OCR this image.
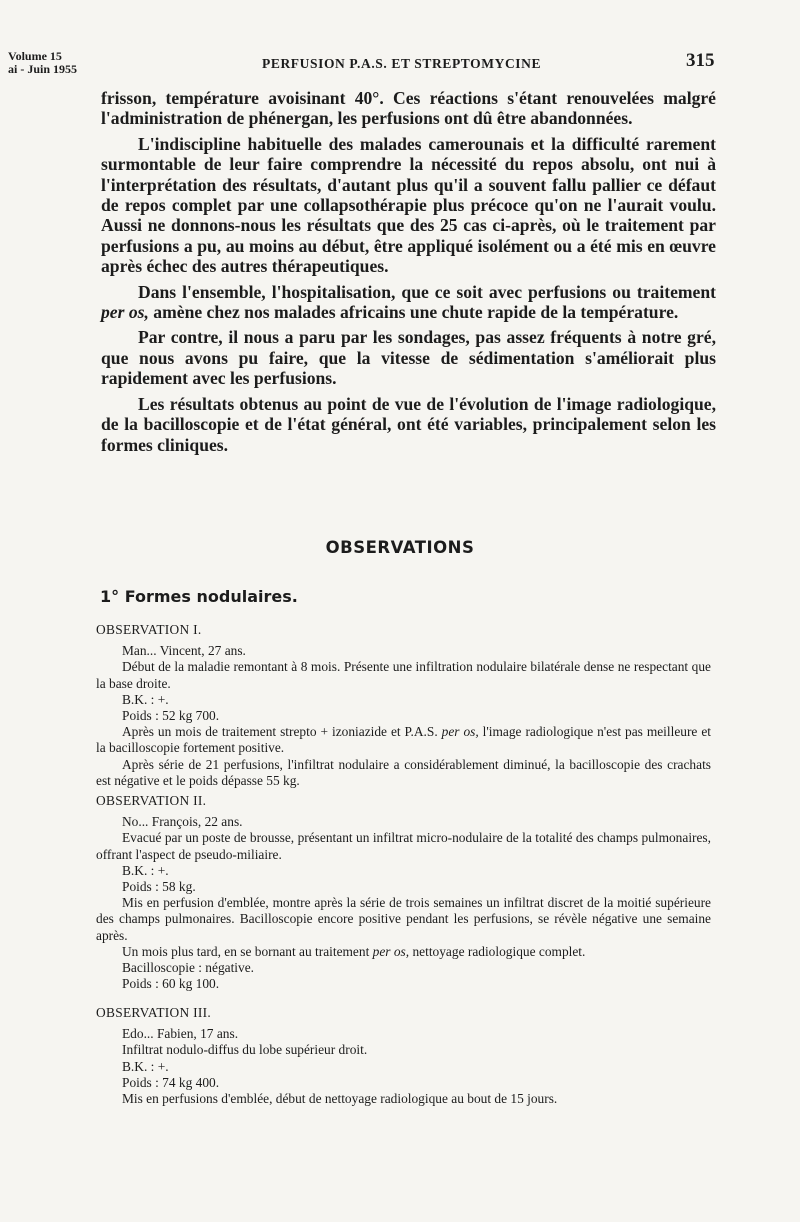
Volume 15
ai - Juin 1955	PERFUSION P.A.S. ET STREPTOMYCINE	315

frisson, température avoisinant 40°. Ces réactions s'étant renouvelées malgré l'administration de phénergan, les perfusions ont dû être abandonnées.

L'indiscipline habituelle des malades camerounais et la difficulté rarement surmontable de leur faire comprendre la nécessité du repos absolu, ont nui à l'interprétation des résultats, d'autant plus qu'il a souvent fallu pallier ce défaut de repos complet par une collapsothérapie plus précoce qu'on ne l'aurait voulu. Aussi ne donnons-nous les résultats que des 25 cas ci-après, où le traitement par perfusions a pu, au moins au début, être appliqué isolément ou a été mis en œuvre après échec des autres thérapeutiques.

Dans l'ensemble, l'hospitalisation, que ce soit avec perfusions ou traitement per os, amène chez nos malades africains une chute rapide de la température.

Par contre, il nous a paru par les sondages, pas assez fréquents à notre gré, que nous avons pu faire, que la vitesse de sédimentation s'améliorait plus rapidement avec les perfusions.

Les résultats obtenus au point de vue de l'évolution de l'image radiologique, de la bacilloscopie et de l'état général, ont été variables, principalement selon les formes cliniques.

OBSERVATIONS
1° Formes nodulaires.
OBSERVATION I.

Man... Vincent, 27 ans.

Début de la maladie remontant à 8 mois. Présente une infiltration nodulaire bilatérale dense ne respectant que la base droite.

B.K. : +.

Poids : 52 kg 700.

Après un mois de traitement strepto + izoniazide et P.A.S. per os, l'image radiologique n'est pas meilleure et la bacilloscopie fortement positive.

Après série de 21 perfusions, l'infiltrat nodulaire a considérablement diminué, la bacilloscopie des crachats est négative et le poids dépasse 55 kg.

OBSERVATION II.

No... François, 22 ans.

Evacué par un poste de brousse, présentant un infiltrat micro-nodulaire de la totalité des champs pulmonaires, offrant l'aspect de pseudo-miliaire.

B.K. : +.

Poids : 58 kg.

Mis en perfusion d'emblée, montre après la série de trois semaines un infiltrat discret de la moitié supérieure des champs pulmonaires. Bacilloscopie encore positive pendant les perfusions, se révèle négative une semaine après.

Un mois plus tard, en se bornant au traitement per os, nettoyage radiologique complet.

Bacilloscopie : négative.

Poids : 60 kg 100.

OBSERVATION III.

Edo... Fabien, 17 ans.

Infiltrat nodulo-diffus du lobe supérieur droit.

B.K. : +.

Poids : 74 kg 400.

Mis en perfusions d'emblée, début de nettoyage radiologique au bout de 15 jours.
